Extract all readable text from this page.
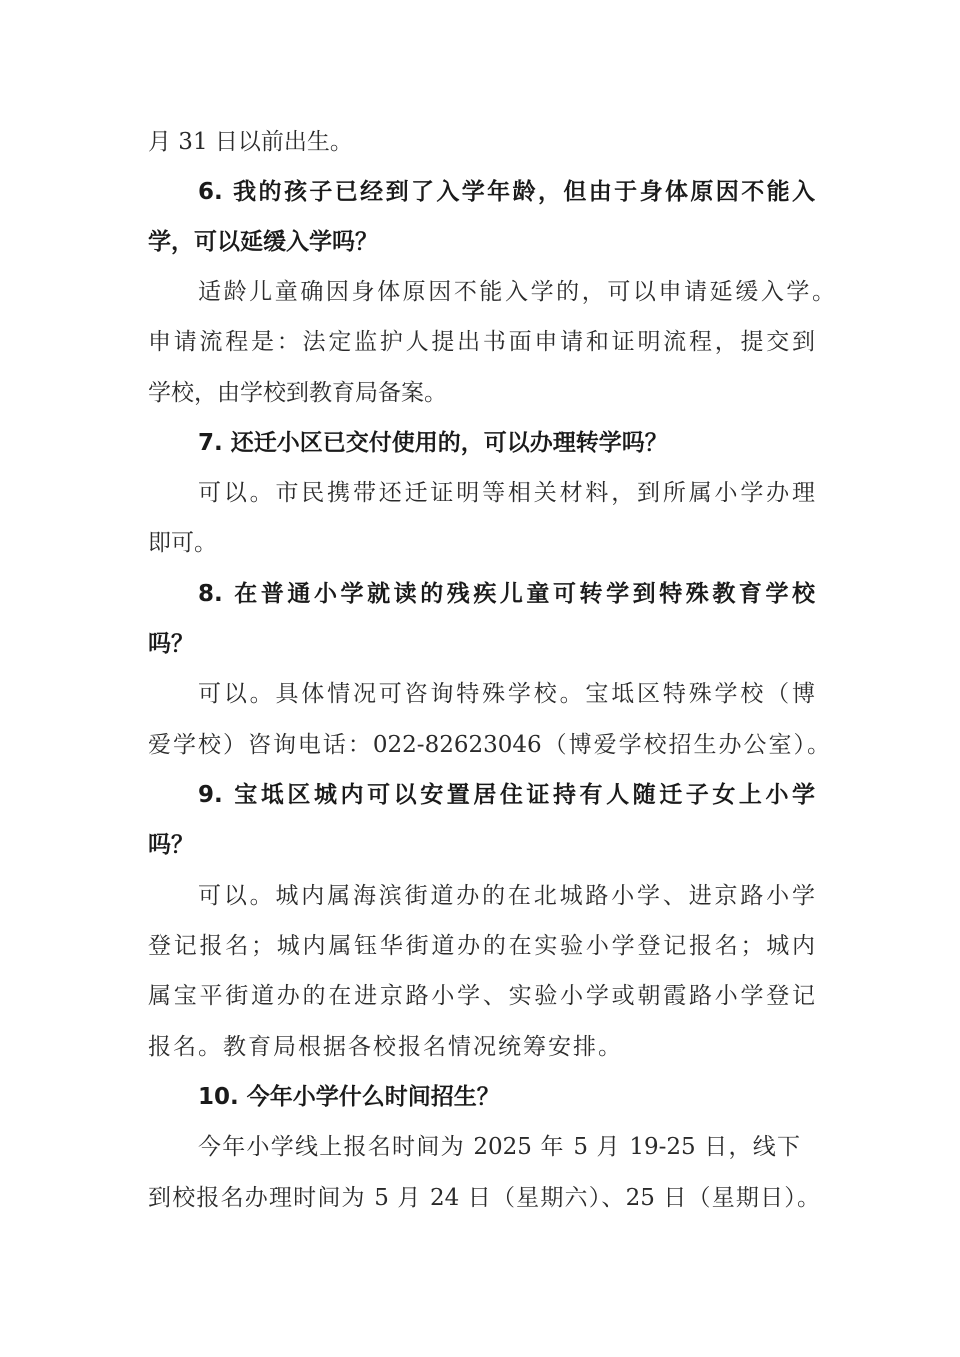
月 31 日以前出生。
6. 我的孩子已经到了入学年龄，但由于身体原因不能入
学，可以延缓入学吗？
适龄儿童确因身体原因不能入学的，可以申请延缓入学。
申请流程是：法定监护人提出书面申请和证明流程，提交到
学校，由学校到教育局备案。
7. 还迁小区已交付使用的，可以办理转学吗？
可以。市民携带还迁证明等相关材料，到所属小学办理
即可。
8. 在普通小学就读的残疾儿童可转学到特殊教育学校
吗？
可以。具体情况可咨询特殊学校。宝坻区特殊学校（博
爱学校）咨询电话：022-82623046（博爱学校招生办公室）。
9. 宝坻区城内可以安置居住证持有人随迁子女上小学
吗？
可以。城内属海滨街道办的在北城路小学、进京路小学
登记报名；城内属钰华街道办的在实验小学登记报名；城内
属宝平街道办的在进京路小学、实验小学或朝霞路小学登记
报名。教育局根据各校报名情况统筹安排。
10. 今年小学什么时间招生？
今年小学线上报名时间为 2025 年 5 月 19-25 日，线下
到校报名办理时间为 5 月 24 日（星期六）、25 日（星期日）。
